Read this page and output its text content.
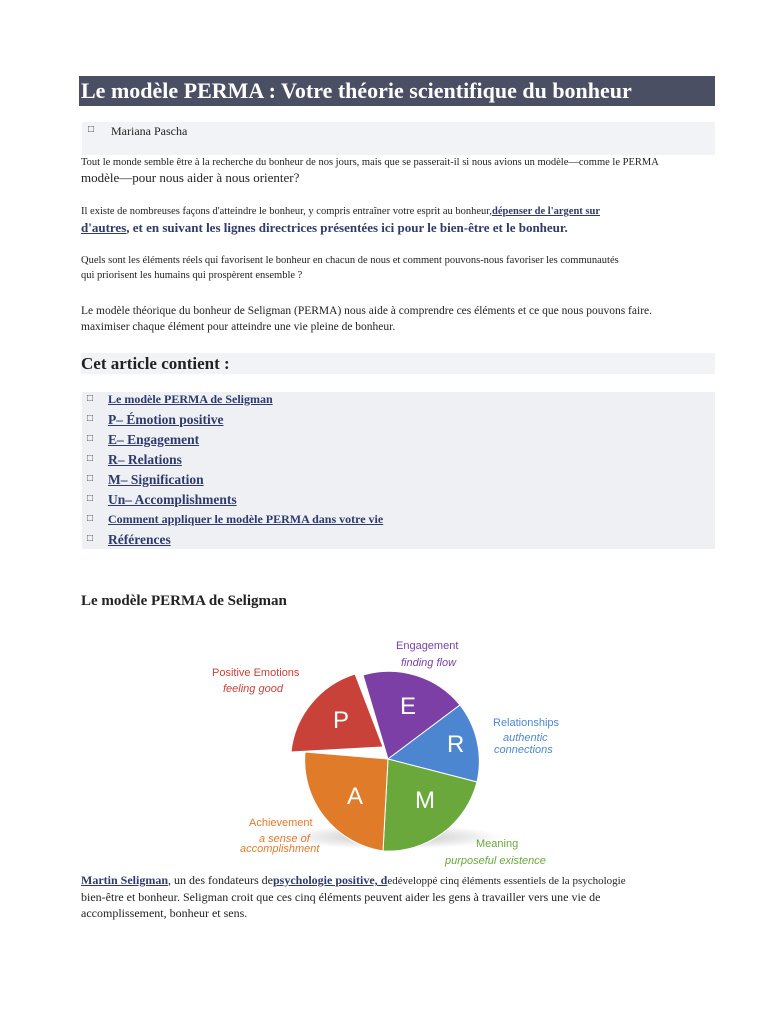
Le modèle PERMA : Votre théorie scientifique du bonheur
□ Mariana Pascha
Tout le monde semble être à la recherche du bonheur de nos jours, mais que se passerait-il si nous avions un modèle—comme le PERMA
modèle—pour nous aider à nous orienter?
Il existe de nombreuses façons d'atteindre le bonheur, y compris entraîner votre esprit au bonheur,dépenser de l'argent sur
d'autres, et en suivant les lignes directrices présentées ici pour le bien-être et le bonheur.
Quels sont les éléments réels qui favorisent le bonheur en chacun de nous et comment pouvons-nous favoriser les communautés
qui priorisent les humains qui prospèrent ensemble ?
Le modèle théorique du bonheur de Seligman (PERMA) nous aide à comprendre ces éléments et ce que nous pouvons faire.
maximiser chaque élément pour atteindre une vie pleine de bonheur.
Cet article contient :
□ Le modèle PERMA de Seligman
□ P– Émotion positive
□ E– Engagement
□ R– Relations
□ M– Signification
□ Un– Accomplishments
□ Comment appliquer le modèle PERMA dans votre vie
□ Références
Le modèle PERMA de Seligman
P
E
R
M
A
Positive Emotions
feeling good
Engagement
finding flow
Relationships
authentic
connections
Meaning
purposeful existence
Achievement
a sense of
accomplishment
Martin Seligman, un des fondateurs depsychologie positive, dedéveloppé cinq éléments essentiels de la psychologie
bien-être et bonheur. Seligman croit que ces cinq éléments peuvent aider les gens à travailler vers une vie de
accomplissement, bonheur et sens.
